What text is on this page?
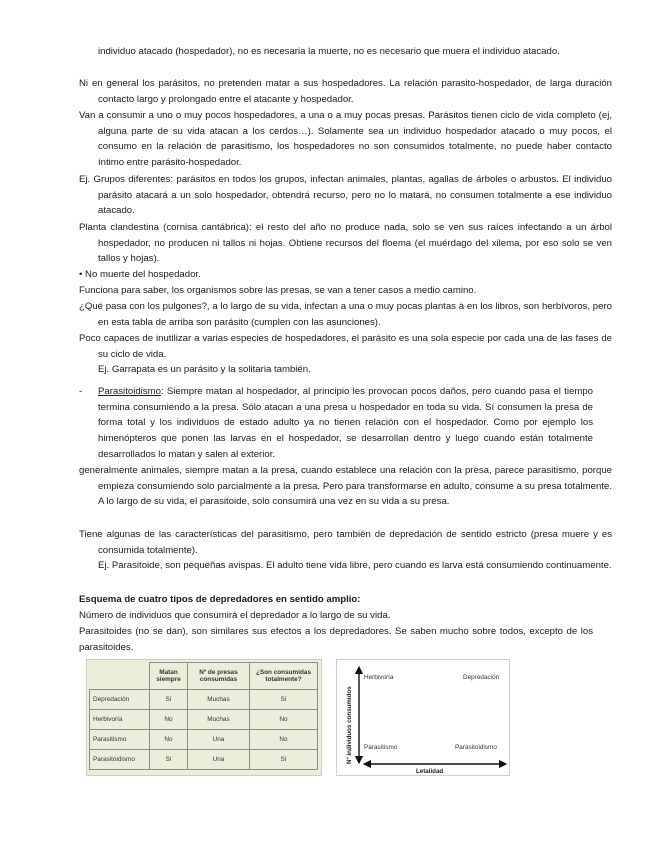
individuo atacado (hospedador), no es necesaria la muerte, no es necesario que muera el individuo atacado.

Ni en general los parásitos, no pretenden matar a sus hospedadores. La relación parasito-hospedador, de larga duración contacto largo y prolongado entre el atacante y hospedador.

Van a consumir a uno o muy pocos hospedadores, a una o a muy pocas presas. Parásitos tienen ciclo de vida completo (ej, alguna parte de su vida atacan a los cerdos…). Solamente sea un individuo hospedador atacado o muy pocos, el consumo en la relación de parasitismo, los hospedadores no son consumidos totalmente, no puede haber contacto íntimo entre parásito-hospedador.

Ej. Grupos diferentes: parásitos en todos los grupos, infectan animales, plantas, agallas de árboles o arbustos. El individuo parásito atacará a un solo hospedador, obtendrá recurso, pero no lo matará, no consumen totalmente a ese individuo atacado.

Planta clandestina (cornisa cantábrica): el resto del año no produce nada, solo se ven sus raíces infectando a un árbol hospedador, no producen ni tallos ni hojas. Obtiene recursos del floema (el muérdago del xilema, por eso solo se ven tallos y hojas).

• No muerte del hospedador.

Funciona para saber, los organismos sobre las presas, se van a tener casos a medio camino.

¿Qué pasa con los pulgones?, a lo largo de su vida, infectan a una o muy pocas plantas à en los libros, son herbívoros, pero en esta tabla de arriba son parásito (cumplen con las asunciones).

Poco capaces de inutilizar a varias especies de hospedadores, el parásito es una sola especie por cada una de las fases de su ciclo de vida.

Ej. Garrapata es un parásito y la solitaria también.

- Parasitoidismo: Siempre matan al hospedador, al principio les provocan pocos daños, pero cuando pasa el tiempo termina consumiendo a la presa. Sólo atacan a una presa u hospedador en toda su vida. Sí consumen la presa de forma total y los individuos de estado adulto ya no tienen relación con el hospedador. Como por ejemplo los himenópteros que ponen las larvas en el hospedador, se desarrollan dentro y luego cuando están totalmente desarrollados lo matan y salen al exterior.

generalmente animales, siempre matan a la presa, cuando establece una relación con la presa, parece parasitismo, porque empieza consumiendo solo parcialmente a la presa. Pero para transformarse en adulto, consume a su presa totalmente. A lo largo de su vida, el parasitoide, solo consumirá una vez en su vida a su presa.

Tiene algunas de las características del parasitismo, pero también de depredación de sentido estricto (presa muere y es consumida totalmente).

Ej. Parasitoide, son pequeñas avispas. El adulto tiene vida libre, pero cuando es larva está consumiendo continuamente.

Esquema de cuatro tipos de depredadores en sentido amplio:

Número de individuos que consumirá el depredador a lo largo de su vida.

Parasitoides (no se dan), son similares sus efectos a los depredadores. Se saben mucho sobre todos, excepto de los parasitoides.

	Matan siempre	Nº de presas consumidas	¿Son consumidas totalmente?
Depredación	Sí	Muchas	Sí
Herbivoría	No	Muchas	No
Parasitismo	No	Una	No
Parasitoidismo	Sí	Una	Sí	Nº individuos consumidos
Letalidad
Herbivoría	Depredación
Parasitismo	Parasitoidismo
